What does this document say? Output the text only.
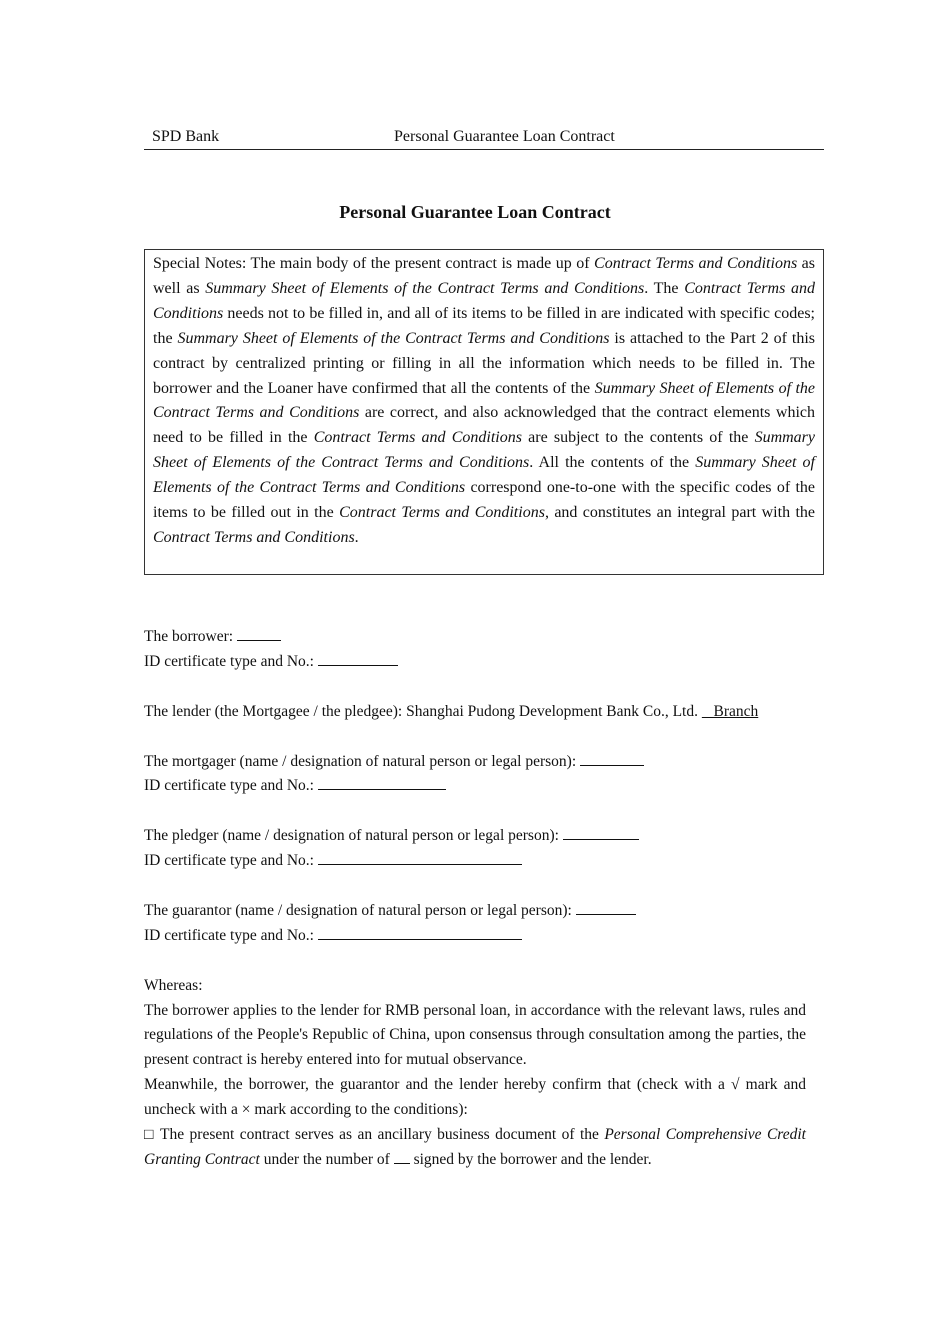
SPD Bank	Personal Guarantee Loan Contract
Personal Guarantee Loan Contract
Special Notes: The main body of the present contract is made up of Contract Terms and Conditions as well as Summary Sheet of Elements of the Contract Terms and Conditions. The Contract Terms and Conditions needs not to be filled in, and all of its items to be filled in are indicated with specific codes; the Summary Sheet of Elements of the Contract Terms and Conditions is attached to the Part 2 of this contract by centralized printing or filling in all the information which needs to be filled in. The borrower and the Loaner have confirmed that all the contents of the Summary Sheet of Elements of the Contract Terms and Conditions are correct, and also acknowledged that the contract elements which need to be filled in the Contract Terms and Conditions are subject to the contents of the Summary Sheet of Elements of the Contract Terms and Conditions. All the contents of the Summary Sheet of Elements of the Contract Terms and Conditions correspond one-to-one with the specific codes of the items to be filled out in the Contract Terms and Conditions, and constitutes an integral part with the Contract Terms and Conditions.

The borrower:

ID certificate type and No.:

The lender (the Mortgagee / the pledgee): Shanghai Pudong Development Bank Co., Ltd.    Branch

The mortgager (name / designation of natural person or legal person):

ID certificate type and No.:

The pledger (name / designation of natural person or legal person):

ID certificate type and No.:

The guarantor (name / designation of natural person or legal person):

ID certificate type and No.:

Whereas:

The borrower applies to the lender for RMB personal loan, in accordance with the relevant laws, rules and regulations of the People's Republic of China, upon consensus through consultation among the parties, the present contract is hereby entered into for mutual observance.

Meanwhile, the borrower, the guarantor and the lender hereby confirm that (check with a √ mark and uncheck with a × mark according to the conditions):

□ The present contract serves as an ancillary business document of the Personal Comprehensive Credit Granting Contract under the number of  signed by the borrower and the lender.
